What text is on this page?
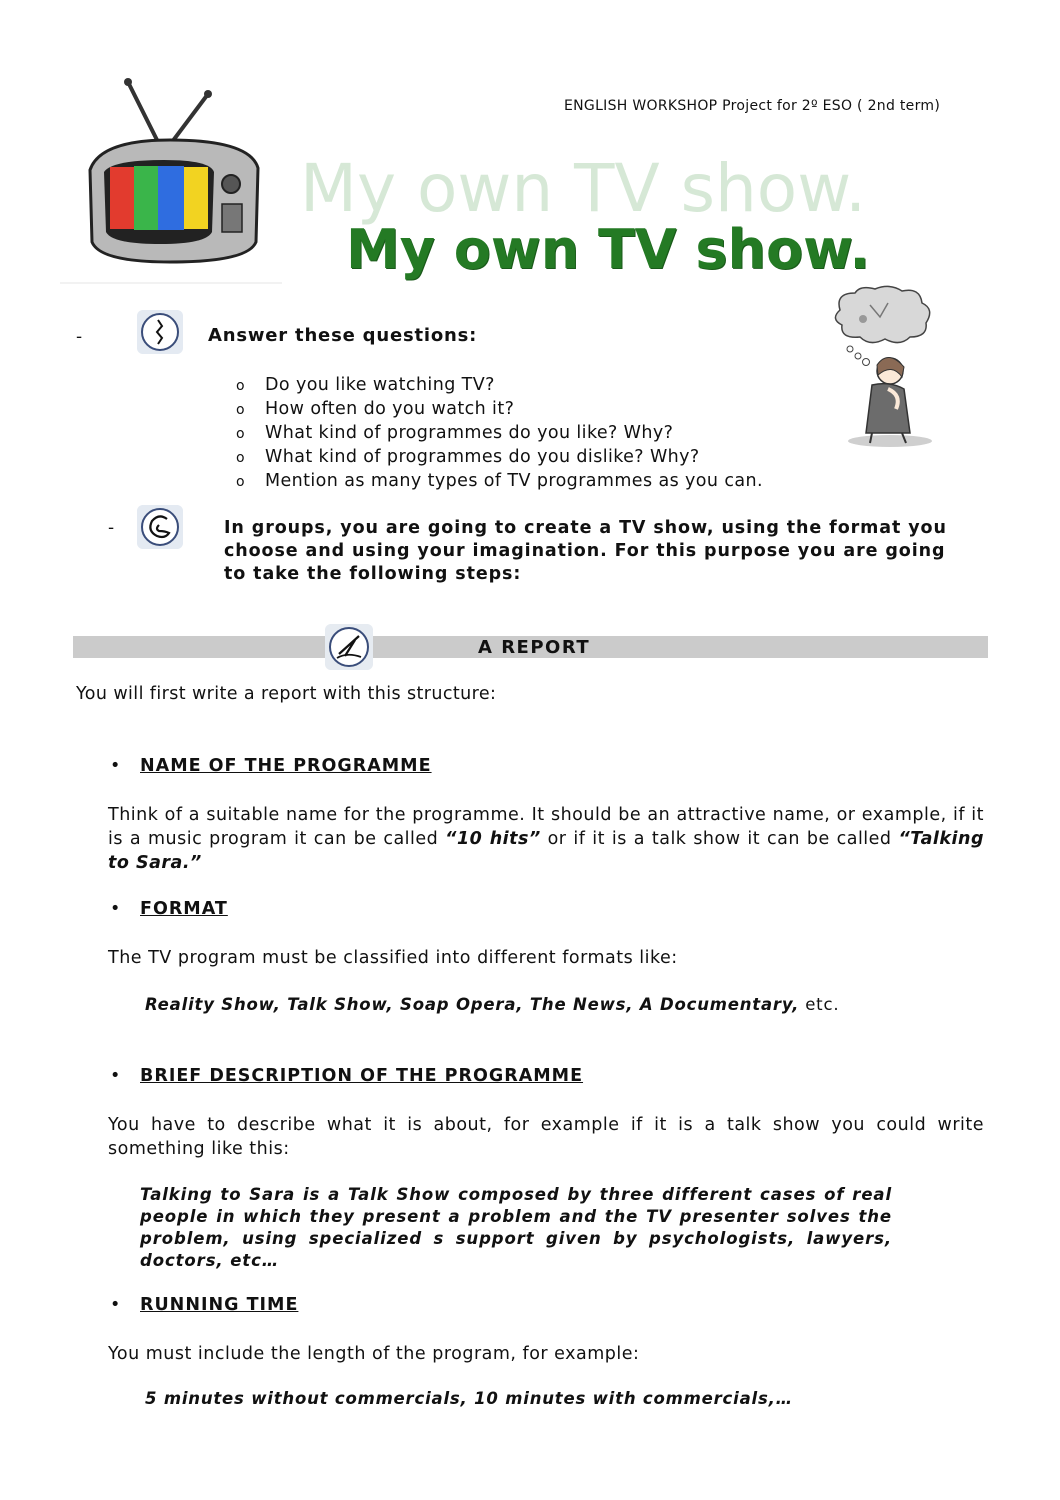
ENGLISH WORKSHOP Project for 2º ESO ( 2nd term)
My own TV show.
My own TV show.
-	Answer these questions:
o Do you like watching TV?
o How often do you watch it?
o What kind of programmes do you like? Why?
o What kind of programmes do you dislike? Why?
o Mention as many types of TV programmes as you can.
-	In groups, you are going to create a TV show, using the format you choose and using your imagination. For this purpose you are going to take the following steps:
A REPORT
You will first write a report with this structure:
• NAME OF THE PROGRAMME
Think of a suitable name for the programme. It should be an attractive name, or example, if it is a music program it can be called “10 hits” or if it is a talk show it can be called “Talking to Sara.”
• FORMAT
The TV program must be classified into different formats like:
Reality Show, Talk Show, Soap Opera, The News, A Documentary, etc.
• BRIEF DESCRIPTION OF THE PROGRAMME
You have to describe what it is about, for example if it is a talk show you could write something like this:
Talking to Sara is a Talk Show composed by three different cases of real people in which they present a problem and the TV presenter solves the problem, using specialized s support given by psychologists, lawyers, doctors, etc…
• RUNNING TIME
You must include the length of the program, for example:
5 minutes without commercials, 10 minutes with commercials,…
